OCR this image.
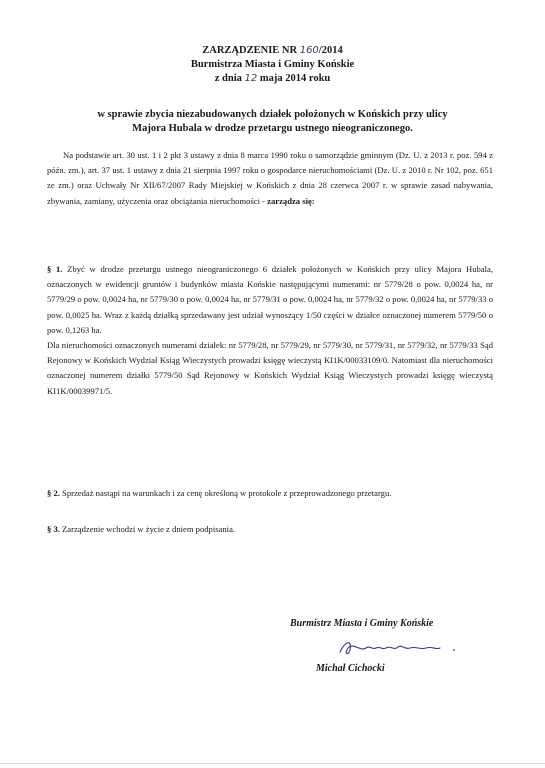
ZARZĄDZENIE NR 160/2014
Burmistrza Miasta i Gminy Końskie
z dnia 12 maja 2014 roku
w sprawie zbycia niezabudowanych działek położonych w Końskich przy ulicy
Majora Hubala w drodze przetargu ustnego nieograniczonego.

Na podstawie art. 30 ust. 1 i 2 pkt 3 ustawy z dnia 8 marca 1990 roku o samorządzie gminnym (Dz. U. z 2013 r. poz. 594 z późn. zm.), art. 37 ust. 1 ustawy z dnia 21 sierpnia 1997 roku o gospodarce nieruchomościami (Dz. U. z 2010 r. Nr 102, poz. 651 ze zm.) oraz Uchwały Nr XII/67/2007 Rady Miejskiej w Końskich z dnia 28 czerwca 2007 r. w sprawie zasad nabywania, zbywania, zamiany, użyczenia oraz obciążania nieruchomości - zarządza się:

§ 1. Zbyć w drodze przetargu ustnego nieograniczonego 6 działek położonych w Końskich przy ulicy Majora Hubala, oznaczonych w ewidencji gruntów i budynków miasta Końskie następującymi numerami: nr 5779/28 o pow. 0,0024 ha, nr 5779/29 o pow. 0,0024 ha, nr 5779/30 o pow. 0,0024 ha, nr 5779/31 o pow. 0,0024 ha, nr 5779/32 o pow. 0,0024 ha, nr 5779/33 o pow. 0,0025 ha. Wraz z każdą działką sprzedawany jest udział wynoszący 1/50 części w działce oznaczonej numerem 5779/50 o pow. 0,1263 ha.

Dla nieruchomości oznaczonych numerami działek: nr 5779/28, nr 5779/29, nr 5779/30, nr 5779/31, nr 5779/32, nr 5779/33 Sąd Rejonowy w Końskich Wydział Ksiąg Wieczystych prowadzi księgę wieczystą KI1K/00033109/0. Natomiast dla nieruchomości oznaczonej numerem działki 5779/50 Sąd Rejonowy w Końskich Wydział Ksiąg Wieczystych prowadzi księgę wieczystą KI1K/00039971/5.

§ 2. Sprzedaż nastąpi na warunkach i za cenę określoną w protokole z przeprowadzonego przetargu.

§ 3. Zarządzenie wchodzi w życie z dniem podpisania.

Burmistrz Miasta i Gminy Końskie
Michał Cichocki
